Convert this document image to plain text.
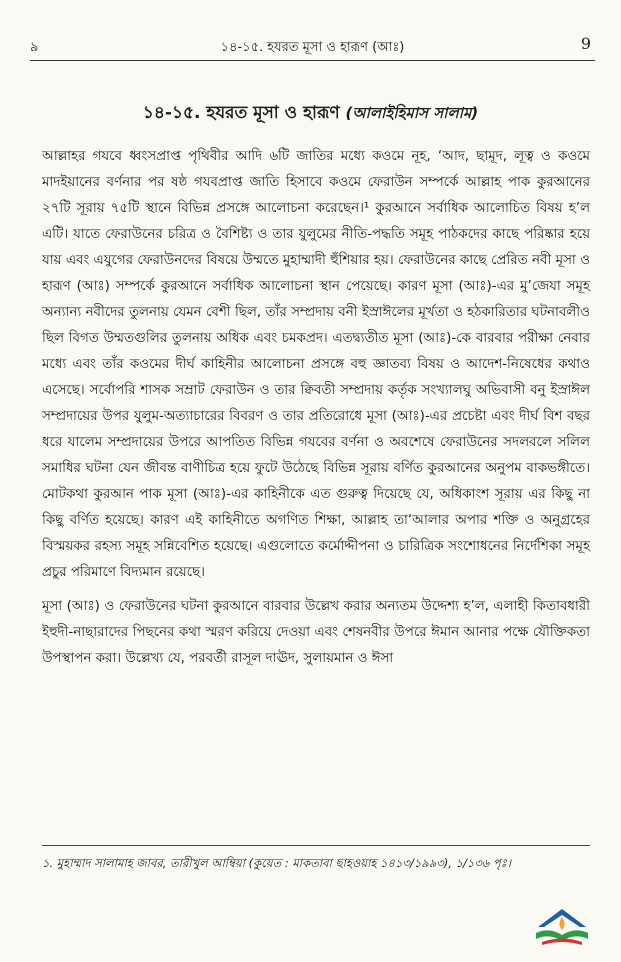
৯	১৪-১৫. হযরত মূসা ও হারূণ (আঃ)	9
১৪-১৫. হযরত মূসা ও হারূণ (আলাইহিমাস সালাম)

আল্লাহর গযবে ধ্বংসপ্রাপ্ত পৃথিবীর আদি ৬টি জাতির মধ্যে কওমে নূহ, ‘আদ, ছামূদ, লূত্ব ও কওমে মাদইয়ানের বর্ণনার পর ষষ্ঠ গযবপ্রাপ্ত জাতি হিসাবে কওমে ফেরাউন সম্পর্কে আল্লাহ পাক কুরআনের ২৭টি সূরায় ৭৫টি স্থানে বিভিন্ন প্রসঙ্গে আলোচনা করেছেন।¹ কুরআনে সর্বাধিক আলোচিত বিষয় হ’ল এটি। যাতে ফেরাউনের চরিত্র ও বৈশিষ্ট্য ও তার যুলুমের নীতি-পদ্ধতি সমূহ পাঠকদের কাছে পরিষ্কার হয়ে যায় এবং এযুগের ফেরাউনদের বিষয়ে উম্মতে মুহাম্মাদী হুঁশিয়ার হয়। ফেরাউনের কাছে প্রেরিত নবী মূসা ও হারূণ (আঃ) সম্পর্কে কুরআনে সর্বাধিক আলোচনা স্থান পেয়েছে। কারণ মূসা (আঃ)-এর মু’জেযা সমূহ অন্যান্য নবীদের তুলনায় যেমন বেশী ছিল, তাঁর সম্প্রদায় বনী ইস্রাঈলের মূর্খতা ও হঠকারিতার ঘটনাবলীও ছিল বিগত উম্মতগুলির তুলনায় অধিক এবং চমকপ্রদ। এতদ্ব্যতীত মূসা (আঃ)-কে বারবার পরীক্ষা নেবার মধ্যে এবং তাঁর কওমের দীর্ঘ কাহিনীর আলোচনা প্রসঙ্গে বহু জ্ঞাতব্য বিষয় ও আদেশ-নিষেধের কথাও এসেছে। সর্বোপরি শাসক সম্রাট ফেরাউন ও তার ক্বিবতী সম্প্রদায় কর্তৃক সংখ্যালঘু অভিবাসী বনু ইস্রাঈল সম্প্রদায়ের উপর যুলুম-অত্যাচারের বিবরণ ও তার প্রতিরোধে মূসা (আঃ)-এর প্রচেষ্টা এবং দীর্ঘ বিশ বছর ধরে যালেম সম্প্রদায়ের উপরে আপতিত বিভিন্ন গযবের বর্ণনা ও অবশেষে ফেরাউনের সদলবলে সলিল সমাধির ঘটনা যেন জীবন্ত বাণীচিত্র হয়ে ফুটে উঠেছে বিভিন্ন সূরায় বর্ণিত কুরআনের অনুপম বাকভঙ্গীতে। মোটকথা কুরআন পাক মূসা (আঃ)-এর কাহিনীকে এত গুরুত্ব দিয়েছে যে, অধিকাংশ সূরায় এর কিছু না কিছু বর্ণিত হয়েছে। কারণ এই কাহিনীতে অগণিত শিক্ষা, আল্লাহ তা‘আলার অপার শক্তি ও অনুগ্রহের বিস্ময়কর রহস্য সমূহ সন্নিবেশিত হয়েছে। এগুলোতে কর্মোদ্দীপনা ও চারিত্রিক সংশোধনের নির্দেশিকা সমূহ প্রচুর পরিমাণে বিদ্যমান রয়েছে।

মূসা (আঃ) ও ফেরাউনের ঘটনা কুরআনে বারবার উল্লেখ করার অন্যতম উদ্দেশ্য হ’ল, এলাহী কিতাবধারী ইহুদী-নাছারাদের পিছনের কথা স্মরণ করিয়ে দেওয়া এবং শেষনবীর উপরে ঈমান আনার পক্ষে যৌক্তিকতা উপস্থাপন করা। উল্লেখ্য যে, পরবর্তী রাসূল দাঊদ, সুলায়মান ও ঈসা

১. মুহাম্মাদ সালামাহ জাবর, তারীখুল আম্বিয়া (কুয়েত : মাকতাবা ছাহওয়াহ ১৪১৩/১৯৯৩), ১/১৩৬ পৃঃ।
